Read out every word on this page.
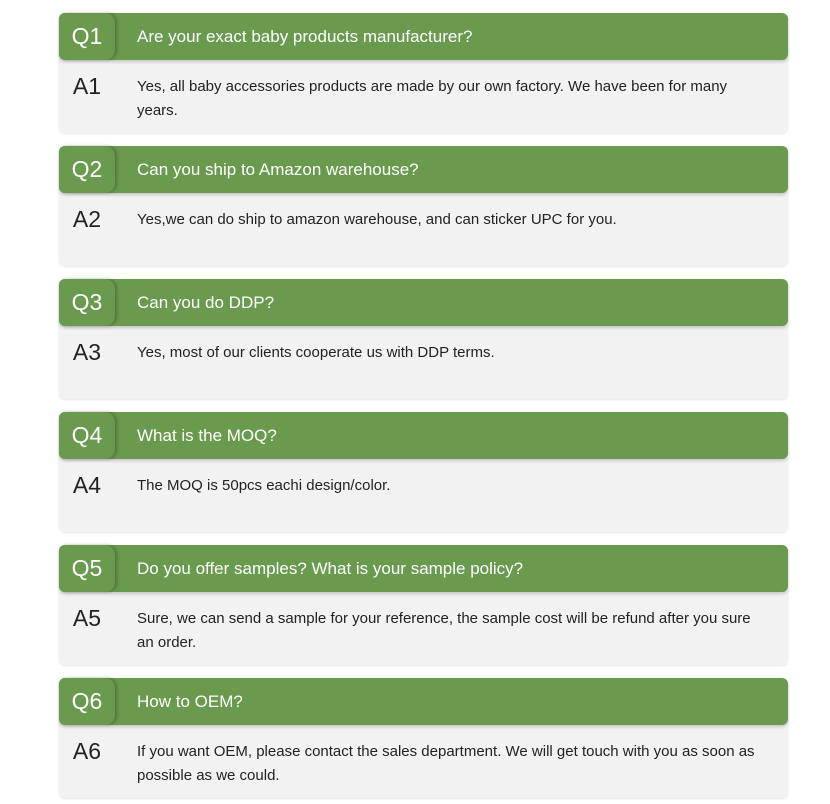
Q1	Are your exact baby products manufacturer?
A1	Yes, all baby accessories products are made by our own factory. We have been for many years.
Q2	Can you ship to Amazon warehouse?
A2	Yes,we can do ship to amazon warehouse, and can sticker UPC for you.
Q3	Can you do DDP?
A3	Yes, most of our clients cooperate us with DDP terms.
Q4	What is the MOQ?
A4	The MOQ is 50pcs eachi design/color.
Q5	Do you offer samples? What is your sample policy?
A5	Sure, we can send a sample for your reference, the sample cost will be refund after you sure an order.
Q6	How to OEM?
A6	If you want OEM, please contact the sales department. We will get touch with you as soon as possible as we could.
